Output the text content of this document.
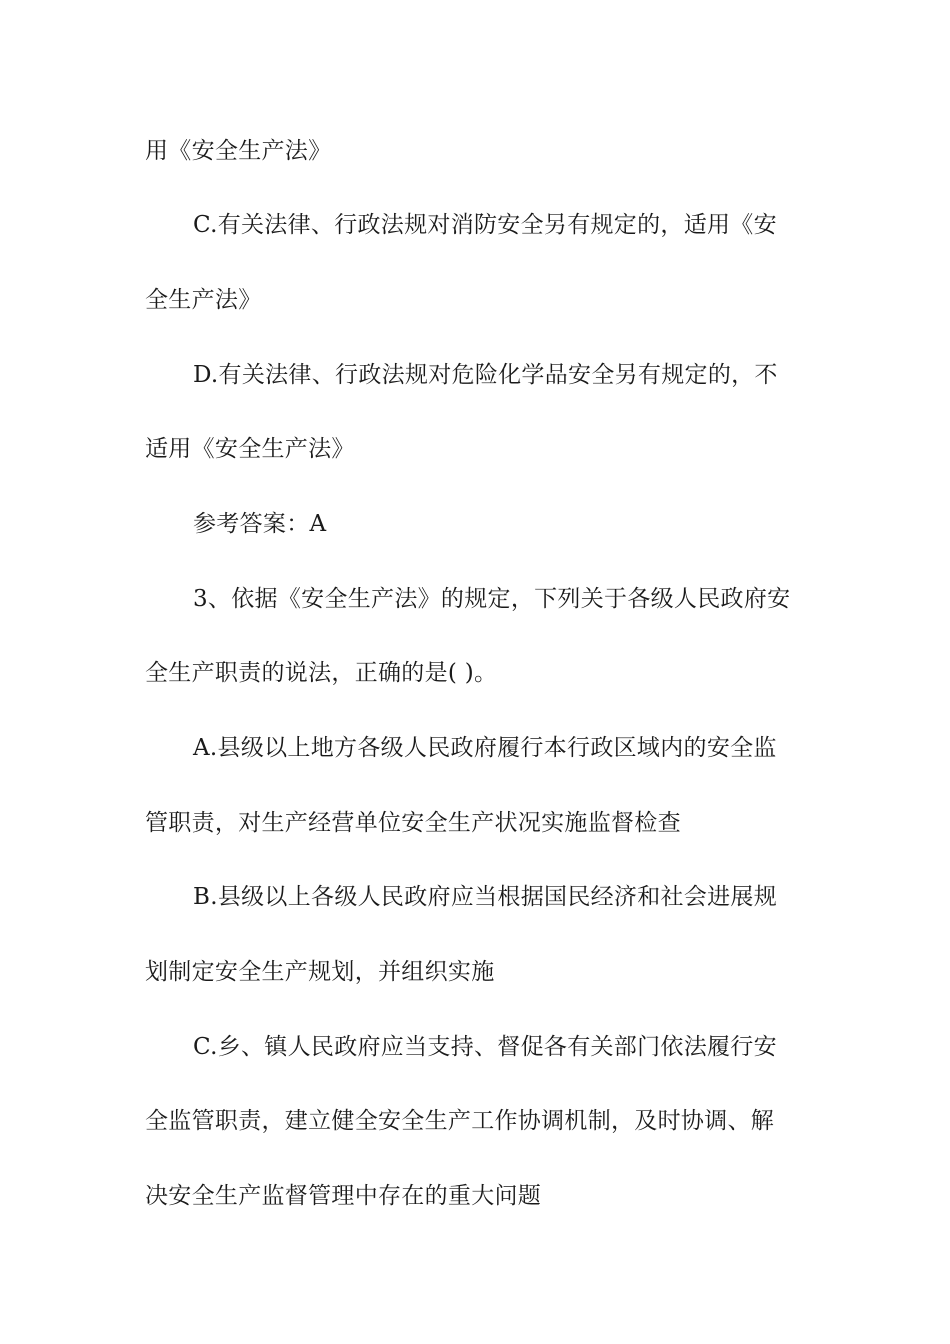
用《安全生产法》
C.有关法律、行政法规对消防安全另有规定的，适用《安
全生产法》
D.有关法律、行政法规对危险化学品安全另有规定的，不
适用《安全生产法》
参考答案：A
3、依据《安全生产法》的规定，下列关于各级人民政府安
全生产职责的说法，正确的是( )。
A.县级以上地方各级人民政府履行本行政区域内的安全监
管职责，对生产经营单位安全生产状况实施监督检查
B.县级以上各级人民政府应当根据国民经济和社会进展规
划制定安全生产规划，并组织实施
C.乡、镇人民政府应当支持、督促各有关部门依法履行安
全监管职责，建立健全安全生产工作协调机制，及时协调、解
决安全生产监督管理中存在的重大问题
